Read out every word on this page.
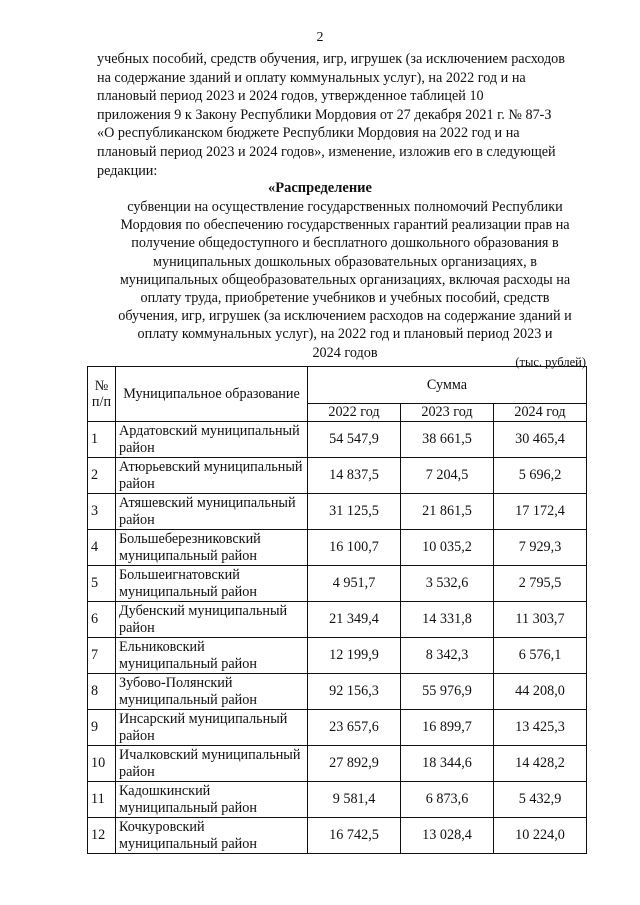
2
учебных пособий, средств обучения, игр, игрушек (за исключением расходов
на содержание зданий и оплату коммунальных услуг), на 2022 год и на
плановый период 2023 и 2024 годов, утвержденное таблицей 10
приложения 9 к Закону Республики Мордовия от 27 декабря 2021 г. № 87-З
«О республиканском бюджете Республики Мордовия на 2022 год и на
плановый период 2023 и 2024 годов», изменение, изложив его в следующей
редакции:
«Распределение
субвенции на осуществление государственных полномочий Республики
Мордовия по обеспечению государственных гарантий реализации прав на
получение общедоступного и бесплатного дошкольного образования в
муниципальных дошкольных образовательных организациях, в
муниципальных общеобразовательных организациях, включая расходы на
оплату труда, приобретение учебников и учебных пособий, средств
обучения, игр, игрушек (за исключением расходов на содержание зданий и
оплату коммунальных услуг), на 2022 год и плановый период 2023 и
2024 годов
(тыс. рублей)
№ п/п	Муниципальное образование	Сумма		
		2022 год	2023 год	2024 год
1	Ардатовский муниципальный район	54 547,9	38 661,5	30 465,4
2	Атюрьевский муниципальный район	14 837,5	7 204,5	5 696,2
3	Атяшевский муниципальный район	31 125,5	21 861,5	17 172,4
4	Большеберезниковский муниципальный район	16 100,7	10 035,2	7 929,3
5	Большеигнатовский муниципальный район	4 951,7	3 532,6	2 795,5
6	Дубенский муниципальный район	21 349,4	14 331,8	11 303,7
7	Ельниковский муниципальный район	12 199,9	8 342,3	6 576,1
8	Зубово-Полянский муниципальный район	92 156,3	55 976,9	44 208,0
9	Инсарский муниципальный район	23 657,6	16 899,7	13 425,3
10	Ичалковский муниципальный район	27 892,9	18 344,6	14 428,2
11	Кадошкинский муниципальный район	9 581,4	6 873,6	5 432,9
12	Кочкуровский муниципальный район	16 742,5	13 028,4	10 224,0
